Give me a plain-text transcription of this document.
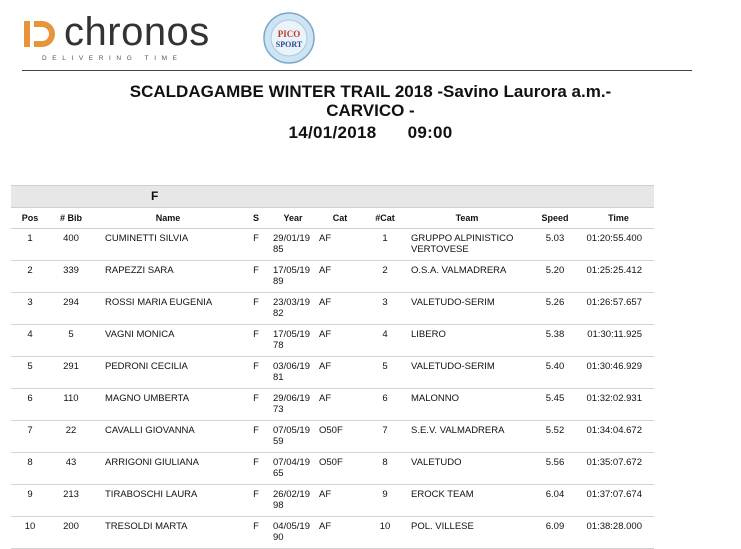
chronos
DELIVERING TIME
PICO
SPORT
SCALDAGAMBE WINTER TRAIL 2018 -Savino Laurora a.m.-
CARVICO -
14/01/2018 09:00
F
Pos	# Bib	Name	S	Year	Cat	#Cat	Team	Speed	Time
1	400	CUMINETTI SILVIA	F	29/01/19 85	AF	1	GRUPPO ALPINISTICO VERTOVESE	5.03	01:20:55.400
2	339	RAPEZZI SARA	F	17/05/19 89	AF	2	O.S.A. VALMADRERA	5.20	01:25:25.412
3	294	ROSSI MARIA EUGENIA	F	23/03/19 82	AF	3	VALETUDO-SERIM	5.26	01:26:57.657
4	5	VAGNI MONICA	F	17/05/19 78	AF	4	LIBERO	5.38	01:30:11.925
5	291	PEDRONI CECILIA	F	03/06/19 81	AF	5	VALETUDO-SERIM	5.40	01:30:46.929
6	110	MAGNO UMBERTA	F	29/06/19 73	AF	6	MALONNO	5.45	01:32:02.931
7	22	CAVALLI GIOVANNA	F	07/05/19 59	O50F	7	S.E.V. VALMADRERA	5.52	01:34:04.672
8	43	ARRIGONI GIULIANA	F	07/04/19 65	O50F	8	VALETUDO	5.56	01:35:07.672
9	213	TIRABOSCHI LAURA	F	26/02/19 98	AF	9	EROCK TEAM	6.04	01:37:07.674
10	200	TRESOLDI MARTA	F	04/05/19 90	AF	10	POL. VILLESE	6.09	01:38:28.000
